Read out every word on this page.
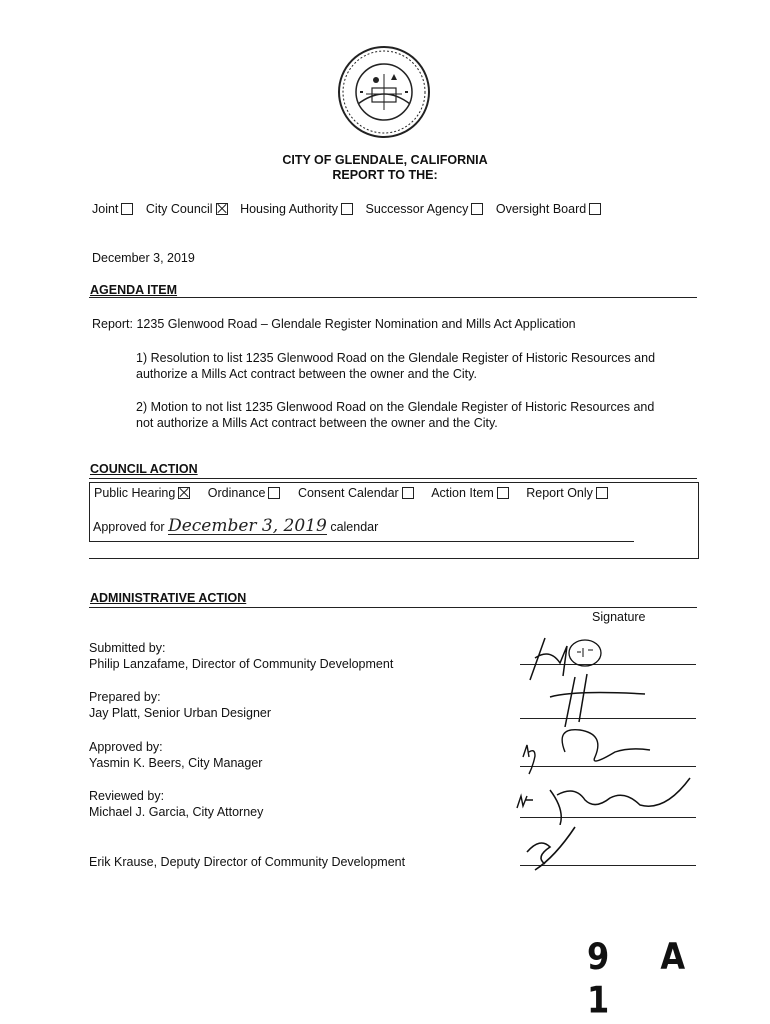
CITY OF GLENDALE, CALIFORNIA
REPORT TO THE:
Joint City Council Housing Authority Successor Agency Oversight Board
December 3, 2019
AGENDA ITEM
Report: 1235 Glenwood Road – Glendale Register Nomination and Mills Act Application
1) Resolution to list 1235 Glenwood Road on the Glendale Register of Historic Resources and authorize a Mills Act contract between the owner and the City.
2) Motion to not list 1235 Glenwood Road on the Glendale Register of Historic Resources and not authorize a Mills Act contract between the owner and the City.
COUNCIL ACTION
Public Hearing	Ordinance	Consent Calendar	Action Item	Report Only
Approved for December 3, 2019 calendar
ADMINISTRATIVE ACTION
Signature
Submitted by:
Philip Lanzafame, Director of Community Development
Prepared by:
Jay Platt, Senior Urban Designer
Approved by:
Yasmin K. Beers, City Manager
Reviewed by:
Michael J. Garcia, City Attorney
Erik Krause, Deputy Director of Community Development
9 A 1
